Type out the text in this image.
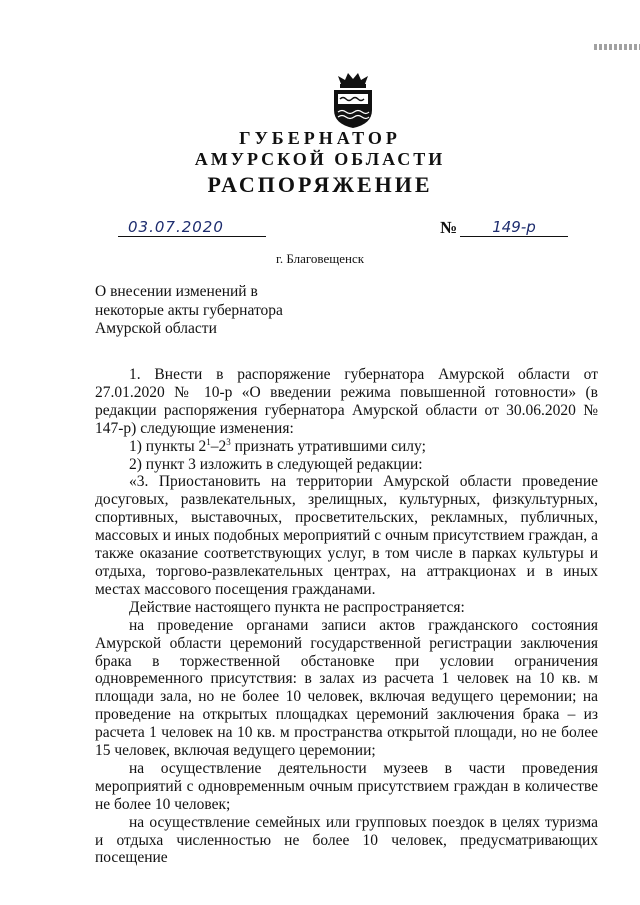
ГУБЕРНАТОР
АМУРСКОЙ ОБЛАСТИ
РАСПОРЯЖЕНИЕ
03.07.2020	№	149-р
г. Благовещенск
О внесении изменений в
некоторые акты губернатора
Амурской области

1. Внести в распоряжение губернатора Амурской области от 27.01.2020 № 10-р «О введении режима повышенной готовности» (в редакции распоряжения губернатора Амурской области от 30.06.2020 № 147-р) следующие изменения:

1) пункты $2^1-2^3$ признать утратившими силу;

2) пункт 3 изложить в следующей редакции:

«3. Приостановить на территории Амурской области проведение досуговых, развлекательных, зрелищных, культурных, физкультурных, спортивных, выставочных, просветительских, рекламных, публичных, массовых и иных подобных мероприятий с очным присутствием граждан, а также оказание соответствующих услуг, в том числе в парках культуры и отдыха, торгово-развлекательных центрах, на аттракционах и в иных местах массового посещения гражданами.

Действие настоящего пункта не распространяется:

на проведение органами записи актов гражданского состояния Амурской области церемоний государственной регистрации заключения брака в торжественной обстановке при условии ограничения одновременного присутствия: в залах из расчета 1 человек на 10 кв. м площади зала, но не более 10 человек, включая ведущего церемонии; на проведение на открытых площадках церемоний заключения брака – из расчета 1 человек на 10 кв. м пространства открытой площади, но не более 15 человек, включая ведущего церемонии;

на осуществление деятельности музеев в части проведения мероприятий с одновременным очным присутствием граждан в количестве не более 10 человек;

на осуществление семейных или групповых поездок в целях туризма и отдыха численностью не более 10 человек, предусматривающих посещение
